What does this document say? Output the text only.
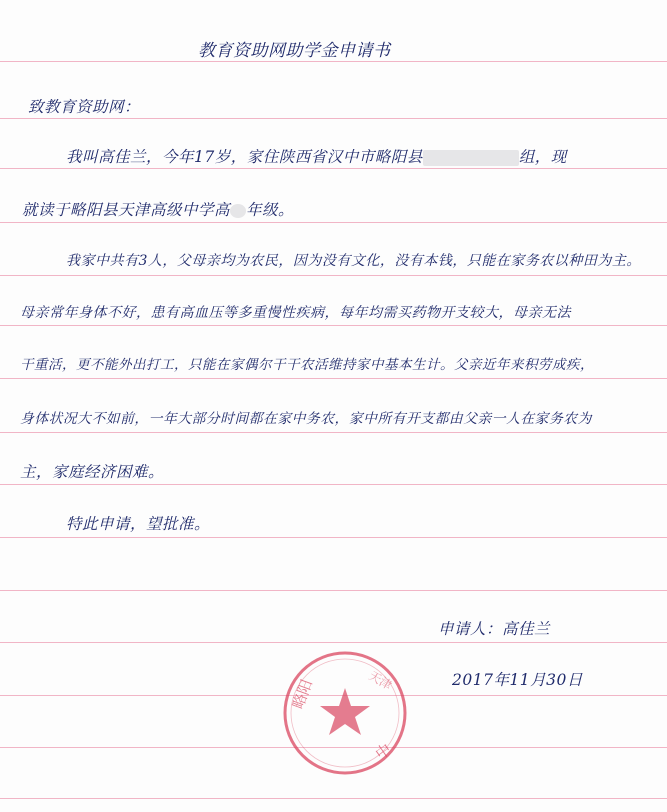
教育资助网助学金申请书
致教育资助网：
我叫高佳兰，今年17岁，家住陕西省汉中市略阳县	组，现
就读于略阳县天津高级中学高 年级。
我家中共有3人，父母亲均为农民，因为没有文化，没有本钱，只能在家务农以种田为主。
母亲常年身体不好，患有高血压等多重慢性疾病，每年均需买药物开支较大，母亲无法
干重活，更不能外出打工，只能在家偶尔干干农活维持家中基本生计。父亲近年来积劳成疾，
身体状况大不如前，一年大部分时间都在家中务农，家中所有开支都由父亲一人在家务农为
主，家庭经济困难。
特此申请，望批准。
申请人：高佳兰
2017年11月30日
略阳
中
天津
